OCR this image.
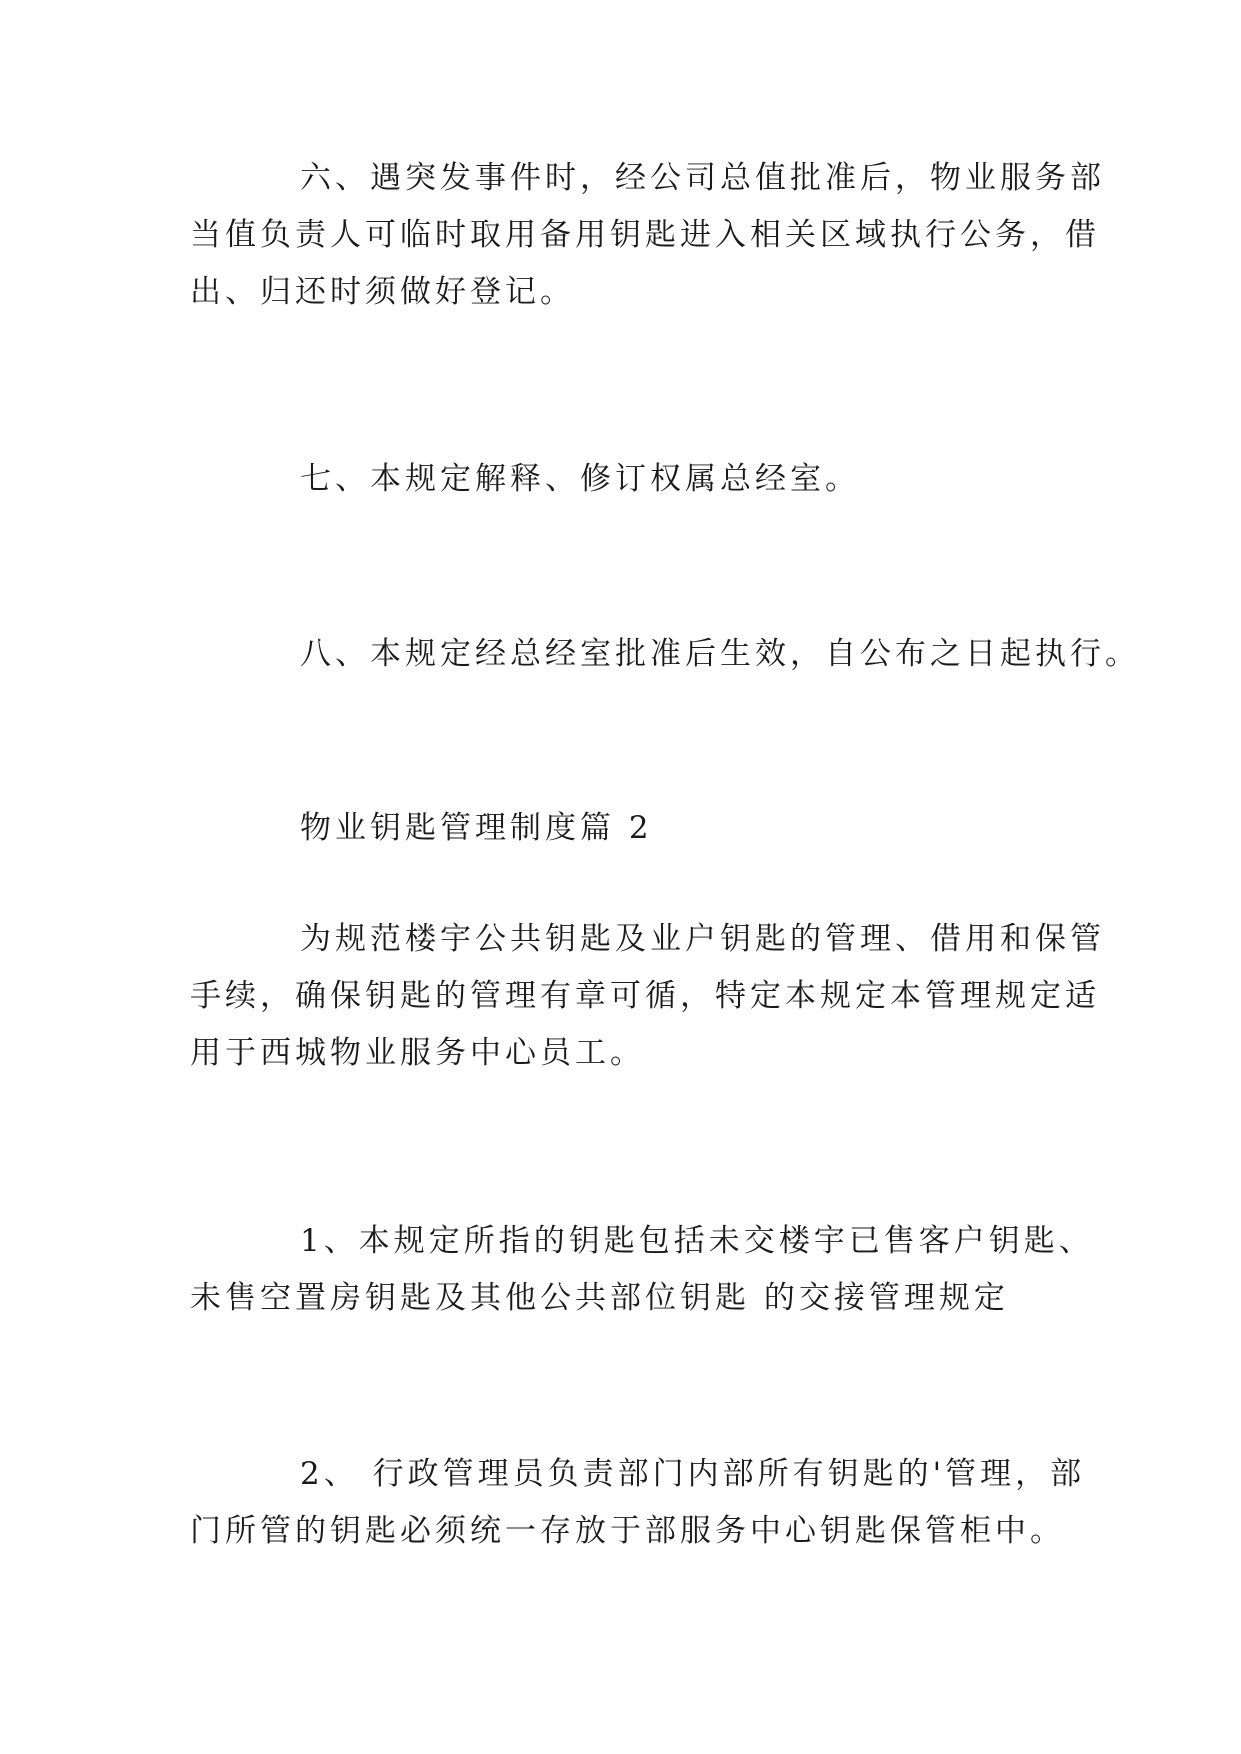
六、遇突发事件时，经公司总值批准后，物业服务部
当值负责人可临时取用备用钥匙进入相关区域执行公务，借
出、归还时须做好登记。

七、本规定解释、修订权属总经室。

八、本规定经总经室批准后生效，自公布之日起执行。

物业钥匙管理制度篇 2

为规范楼宇公共钥匙及业户钥匙的管理、借用和保管
手续，确保钥匙的管理有章可循，特定本规定本管理规定适
用于西城物业服务中心员工。

1、本规定所指的钥匙包括未交楼宇已售客户钥匙、
未售空置房钥匙及其他公共部位钥匙 的交接管理规定

2、 行政管理员负责部门内部所有钥匙的'管理，部
门所管的钥匙必须统一存放于部服务中心钥匙保管柜中。
